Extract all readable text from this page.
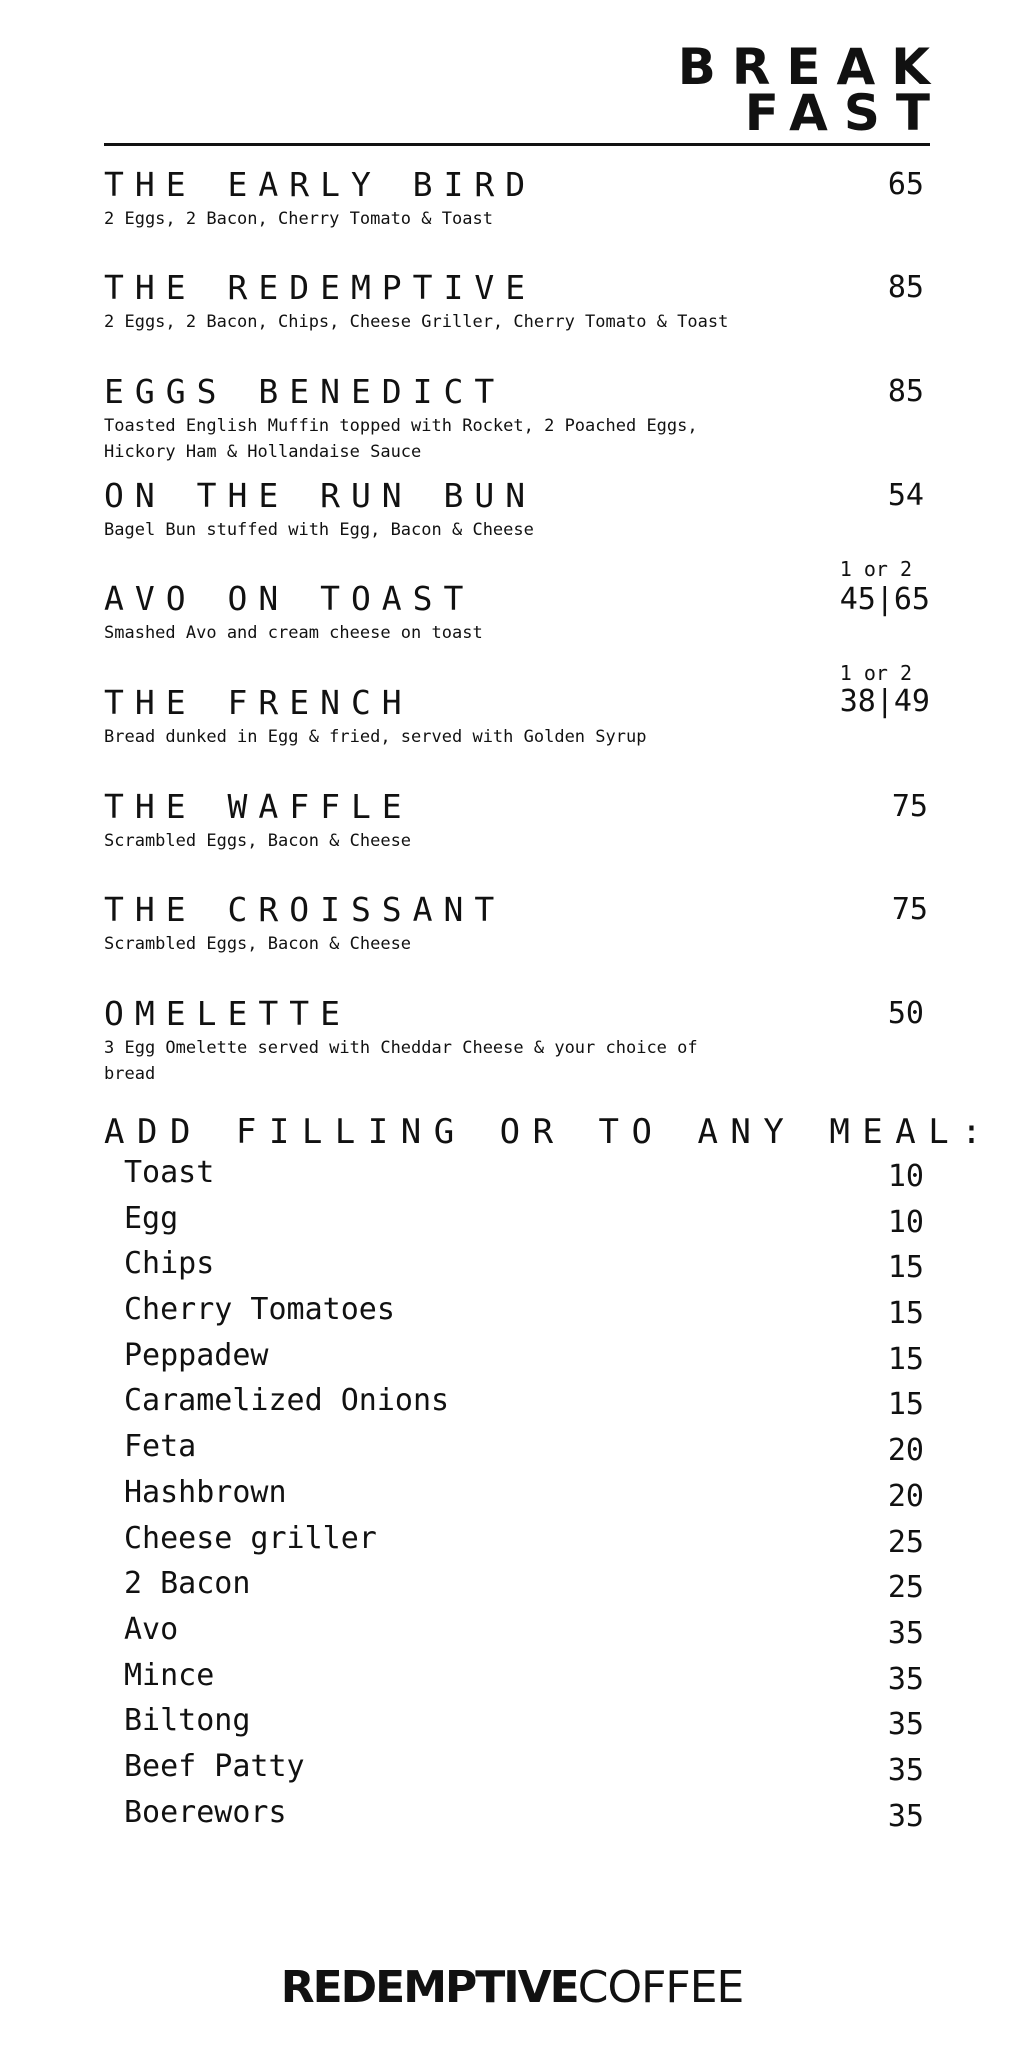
BREAK
FAST
THE EARLY BIRD
2 Eggs, 2 Bacon, Cherry Tomato & Toast
65
THE REDEMPTIVE
2 Eggs, 2 Bacon, Chips, Cheese Griller, Cherry Tomato & Toast
85
EGGS BENEDICT
Toasted English Muffin topped with Rocket, 2 Poached Eggs, Hickory Ham & Hollandaise Sauce
85
ON THE RUN BUN
Bagel Bun stuffed with Egg, Bacon & Cheese
54
AVO ON TOAST
Smashed Avo and cream cheese on toast
1 or 2
45|65
THE FRENCH
Bread dunked in Egg & fried, served with Golden Syrup
1 or 2
38|49
THE WAFFLE
Scrambled Eggs, Bacon & Cheese
75
THE CROISSANT
Scrambled Eggs, Bacon & Cheese
75
OMELETTE
3 Egg Omelette served with Cheddar Cheese & your choice of bread
50
ADD FILLING OR TO ANY MEAL:
Toast	10
Egg	10
Chips	15
Cherry Tomatoes	15
Peppadew	15
Caramelized Onions	15
Feta	20
Hashbrown	20
Cheese griller	25
2 Bacon	25
Avo	35
Mince	35
Biltong	35
Beef Patty	35
Boerewors	35
REDEMPTIVECOFFEE
